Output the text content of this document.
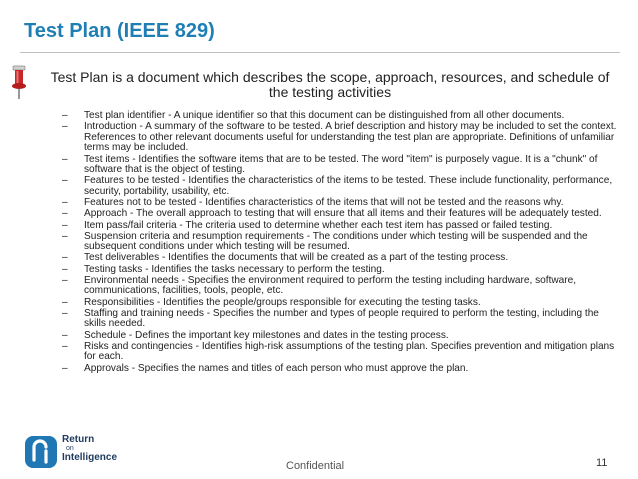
Test Plan (IEEE 829)
Test Plan is a document which describes the scope, approach, resources, and schedule of the testing activities
– Test plan identifier - A unique identifier so that this document can be distinguished from all other documents.
– Introduction - A summary of the software to be tested. A brief description and history may be included to set the context. References to other relevant documents useful for understanding the test plan are appropriate. Definitions of unfamiliar terms may be included.
– Test items - Identifies the software items that are to be tested. The word "item" is purposely vague. It is a "chunk" of software that is the object of testing.
– Features to be tested - Identifies the characteristics of the items to be tested. These include functionality, performance, security, portability, usability, etc.
– Features not to be tested - Identifies characteristics of the items that will not be tested and the reasons why.
– Approach - The overall approach to testing that will ensure that all items and their features will be adequately tested.
– Item pass/fail criteria - The criteria used to determine whether each test item has passed or failed testing.
– Suspension criteria and resumption requirements - The conditions under which testing will be suspended and the subsequent conditions under which testing will be resumed.
– Test deliverables - Identifies the documents that will be created as a part of the testing process.
– Testing tasks - Identifies the tasks necessary to perform the testing.
– Environmental needs - Specifies the environment required to perform the testing including hardware, software, communications, facilities, tools, people, etc.
– Responsibilities - Identifies the people/groups responsible for executing the testing tasks.
– Staffing and training needs - Specifies the number and types of people required to perform the testing, including the skills needed.
– Schedule - Defines the important key milestones and dates in the testing process.
– Risks and contingencies - Identifies high-risk assumptions of the testing plan. Specifies prevention and mitigation plans for each.
– Approvals - Specifies the names and titles of each person who must approve the plan.
Return
on
Intelligence
Confidential	11
